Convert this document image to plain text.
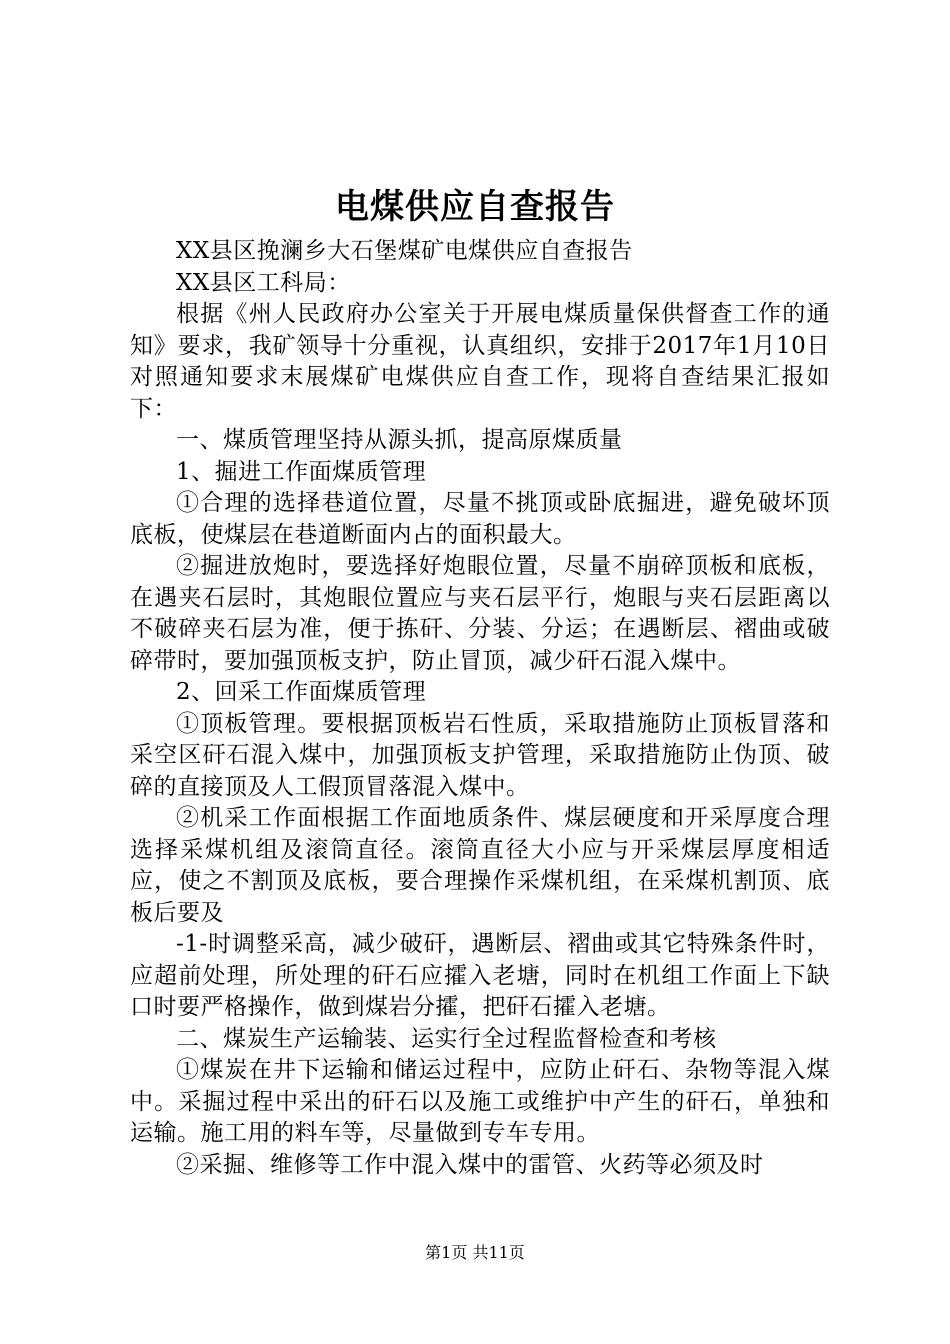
电煤供应自查报告

XX县区挽澜乡大石堡煤矿电煤供应自查报告

XX县区工科局：

根据《州人民政府办公室关于开展电煤质量保供督查工作的通知》要求，我矿领导十分重视，认真组织，安排于2017年1月10日对照通知要求末展煤矿电煤供应自查工作，现将自查结果汇报如下：

一、煤质管理坚持从源头抓，提高原煤质量

1、掘进工作面煤质管理

①合理的选择巷道位置，尽量不挑顶或卧底掘进，避免破坏顶底板，使煤层在巷道断面内占的面积最大。

②掘进放炮时，要选择好炮眼位置，尽量不崩碎顶板和底板，在遇夹石层时，其炮眼位置应与夹石层平行，炮眼与夹石层距离以不破碎夹石层为准，便于拣矸、分装、分运；在遇断层、褶曲或破碎带时，要加强顶板支护，防止冒顶，减少矸石混入煤中。

2、回采工作面煤质管理

①顶板管理。要根据顶板岩石性质，采取措施防止顶板冒落和采空区矸石混入煤中，加强顶板支护管理，采取措施防止伪顶、破碎的直接顶及人工假顶冒落混入煤中。

②机采工作面根据工作面地质条件、煤层硬度和开采厚度合理选择采煤机组及滚筒直径。滚筒直径大小应与开采煤层厚度相适应，使之不割顶及底板，要合理操作采煤机组，在采煤机割顶、底板后要及

-1-时调整采高，减少破矸，遇断层、褶曲或其它特殊条件时，应超前处理，所处理的矸石应攉入老塘，同时在机组工作面上下缺口时要严格操作，做到煤岩分攉，把矸石攉入老塘。

二、煤炭生产运输装、运实行全过程监督检查和考核

①煤炭在井下运输和储运过程中，应防止矸石、杂物等混入煤中。采掘过程中采出的矸石以及施工或维护中产生的矸石，单独和运输。施工用的料车等，尽量做到专车专用。

②采掘、维修等工作中混入煤中的雷管、火药等必须及时

第1页 共11页
